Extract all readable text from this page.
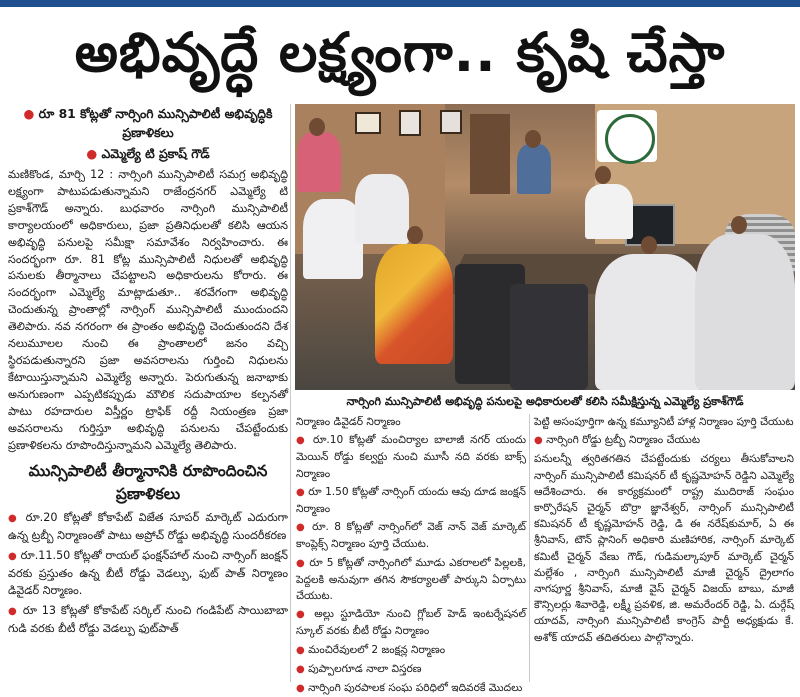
అభివృద్ధే లక్ష్యంగా.. కృషి చేస్తా
● రూ 81 కోట్లతో నార్సింగి మున్సిపాలిటీ అభివృద్ధికి ప్రణాళికలు
● ఎమ్మెల్యే టి ప్రకాష్ గౌడ్

మణికొండ, మార్చి 12 : నార్సింగి మున్సిపాలిటీ సమగ్ర అభివృద్ధి లక్ష్యంగా పాటుపడుతున్నామని రాజేంద్రనగర్ ఎమ్మెల్యే టి ప్రకాశ్‌గౌడ్ అన్నారు. బుధవారం నార్సింగి మున్సిపాలిటీ కార్యాలయంలో అధికారులు, ప్రజా ప్రతినిధులతో కలిసి ఆయన అభివృద్ధి పనులపై సమీక్షా సమావేశం నిర్వహించారు. ఈ సందర్భంగా రూ. 81 కోట్ల మున్సిపాలిటీ నిధులతో అభివృద్ధి పనులకు తీర్మానాలు చేపట్టాలని అధికారులను కోరారు. ఈ సందర్భంగా ఎమ్మెల్యే మాట్లాడుతూ.. శరవేగంగా అభివృద్ధి చెందుతున్న ప్రాంతాల్లో నార్సింగ్ మున్సిపాలిటీ ముందుందని తెలిపారు. నవ నగరంగా ఈ ప్రాంతం అభివృద్ధి చెందుతుందని దేశ నలుమూలల నుంచి ఈ ప్రాంతాలలో జనం వచ్చి స్థిరపడుతున్నారని ప్రజా అవసరాలను గుర్తించి నిధులను కేటాయిస్తున్నామని ఎమ్మెల్యే అన్నారు. పెరుగుతున్న జనాభాకు అనుగుణంగా ఎప్పటికప్పుడు మౌలిక సదుపాయాల కల్పనతో పాటు రహదారుల విస్తీర్ణం ట్రాఫిక్ రద్దీ నియంత్రణ ప్రజా అవసరాలను గుర్తిస్తూ అభివృద్ధి పనులను చేపట్టేందుకు ప్రణాళికలను రూపొందిస్తున్నామని ఎమ్మెల్యే తెలిపారు.

మున్సిపాలిటీ తీర్మానానికి రూపొందించిన ప్రణాళికలు
● రూ.20 కోట్లతో కోకాపేట్ విజేత సూపర్ మార్కెట్ ఎదురుగా ఉన్న ట్రబ్బీ నిర్మాణంతో పాటు అప్రోచ్ రోడ్డు అభివృద్ధి సుందరీకరణ
● రూ.11.50 కోట్లతో రాయల్ ఫంక్షన్‌హాల్ నుంచి నార్సింగ్ జంక్షన్ వరకు ప్రస్తుతం ఉన్న బీటీ రోడ్డు వెడల్పు, ఫుట్ పాత్ నిర్మాణం డివైడర్ నిర్మాణం.
● రూ 13 కోట్లతో కోకాపేట్ సర్కిల్ నుంచి గండిపేట్ సాయిబాబా గుడి వరకు బీటీ రోడ్డు వెడల్పు ఫుట్‌పాత్
నార్సింగి మున్సిపాలిటీ అభివృద్ధి పనులపై అధికారులతో కలిసి సమీక్షిస్తున్న ఎమ్మెల్యే ప్రకాశ్‌గౌడ్
నిర్మాణం డివైడర్ నిర్మాణం
● రూ.10 కోట్లతో మంచిర్యాల బాలాజీ నగర్ యందు మెయిన్ రోడ్డు కల్వర్టు నుంచి మూసీ నది వరకు బాక్స్ నిర్మాణం
● రూ 1.50 కోట్లతో నార్సింగ్ యందు ఆవు దూడ జంక్షన్ నిర్మాణం
● రూ. 8 కోట్లతో నార్సింగ్‌లో వెజ్ నాన్ వెజ్ మార్కెట్ కాంప్లెక్స్ నిర్మాణం పూర్తి చేయుట.
● రూ 5 కోట్లతో నార్సింగిలో మూడు ఎకరాలలో పిల్లలకి, పెద్దలకి అనువుగా తగిన సౌకర్యాలతో పార్కుని ఏర్పాటు చేయుట.
● అల్లు స్టూడియో నుంచి గ్లోబల్ హెడ్ ఇంటర్నేషనల్ స్కూల్ వరకు బీటీ రోడ్డు నిర్మాణం
● మంచిరేవులలో 2 జంక్షన్ల నిర్మాణం
● పుప్పాలగూడ నాలా విస్తరణ
● నార్సింగి పురపాలక సంఘ పరిధిలో ఇదివరకే మొదలు
పెట్టి అసంపూర్తిగా ఉన్న కమ్యూనిటీ హాళ్ల నిర్మాణం పూర్తి చేయుట
● నార్సింగి రోడ్డు ట్రబ్బీ నిర్మాణం చేయుట

పనులన్నీ త్వరితగతిన చేపట్టేందుకు చర్యలు తీసుకోవాలని నార్సింగ్ మున్సిపాలిటీ కమిషనర్ టీ కృష్ణమోహన్ రెడ్డిని ఎమ్మెల్యే ఆదేశించారు. ఈ కార్యక్రమంలో రాష్ట్ర ముదిరాజ్ సంఘం కార్పొరేషన్ చైర్మన్ బొర్రా జ్ఞానేశ్వర్, నార్సింగ్ మున్సిపాలిటీ కమిషనర్ టీ కృష్ణమోహన్ రెడ్డి, డి ఈ నరేష్‌కుమార్, ఏ ఈ శ్రీనివాస్, టౌన్ ప్లానింగ్ అధికారి మణిహారిక, నార్సింగ్ మార్కెట్ కమిటీ చైర్మన్ వేణు గౌడ్, గుడిమల్కాపూర్ మార్కెట్ చైర్మన్ మల్లేశం , నార్సింగి మున్సిపాలిటీ మాజీ చైర్మన్ ద్రైలాగం నాగపూర్ణ శ్రీనివాస్, మాజీ వైస్ చైర్మన్ విజయ్ బాబు, మాజీ కౌన్సిలర్లు శివారెడ్డి, లక్ష్మీ ప్రవళిక, జి. అమరేందర్ రెడ్డి, ఏ. దుర్గేష్ యాదవ్, నార్సింగి మున్సిపాలిటీ కాంగ్రెస్ పార్టీ అధ్యక్షుడు కే. అశోక్ యాదవ్ తదితరులు పాల్గొన్నారు.
